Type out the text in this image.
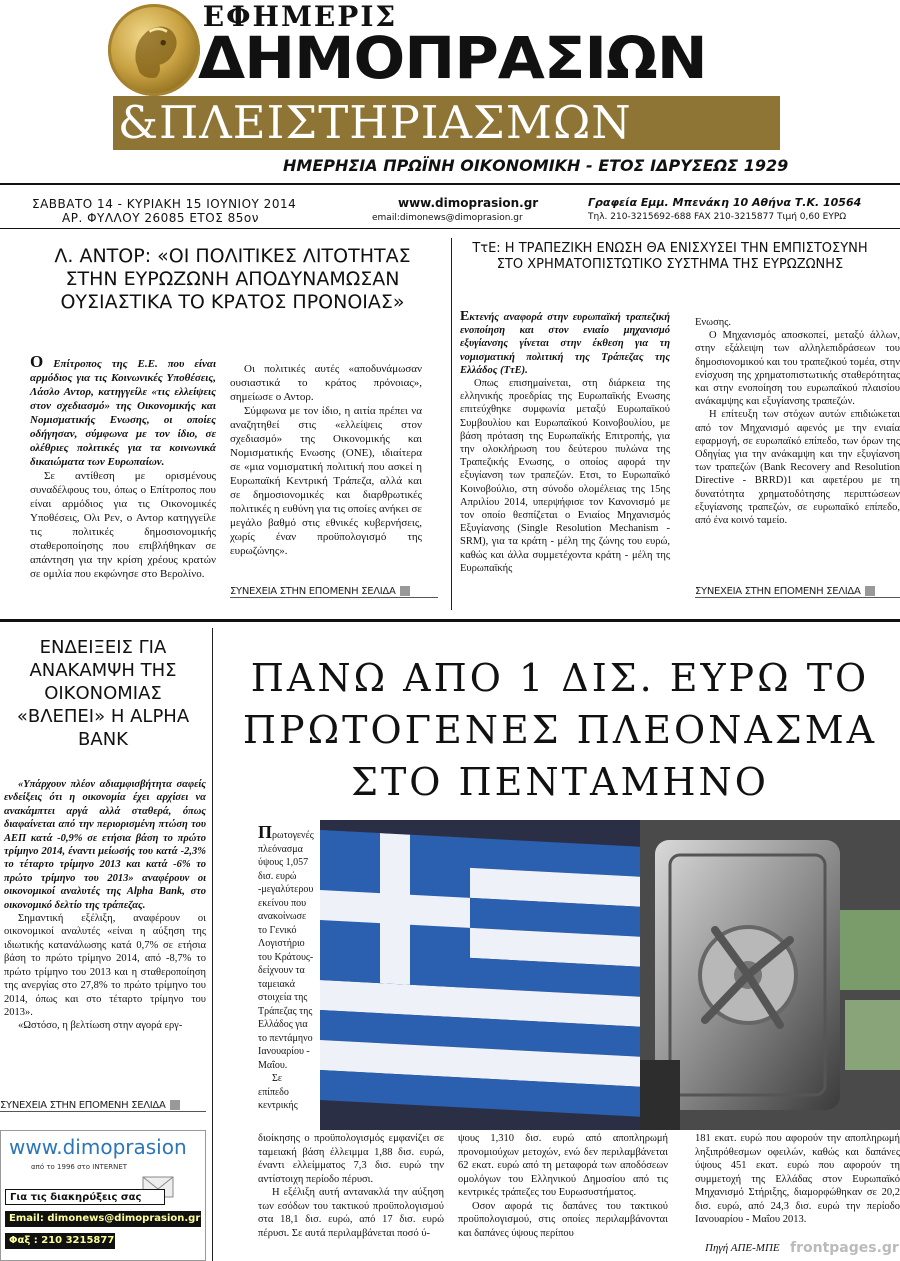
ΕΦΗΜΕΡΙΣ
ΔΗΜΟΠΡΑΣΙΩΝ
&ΠΛΕΙΣΤΗΡΙΑΣΜΩΝ
ΗΜΕΡΗΣΙΑ ΠΡΩΪΝΗ ΟΙΚΟΝΟΜΙΚΗ - ΕΤΟΣ ΙΔΡΥΣΕΩΣ 1929
ΣΑΒΒΑΤΟ 14 - ΚΥΡΙΑΚΗ 15 ΙΟΥΝΙΟΥ 2014
ΑΡ. ΦΥΛΛΟΥ 26085 ΕΤΟΣ 85ον
www.dimoprasion.gr
email:dimonews@dimoprasion.gr
Γραφεία Εμμ. Μπενάκη 10 Αθήνα Τ.Κ. 10564
Τηλ. 210-3215692-688 FAX 210-3215877 Τιμή 0,60 ΕΥΡΩ
Λ. ΑΝΤΟΡ: «ΟΙ ΠΟΛΙΤΙΚΕΣ ΛΙΤΟΤΗΤΑΣ ΣΤΗΝ ΕΥΡΩΖΩΝΗ ΑΠΟΔΥΝΑΜΩΣΑΝ ΟΥΣΙΑΣΤΙΚΑ ΤΟ ΚΡΑΤΟΣ ΠΡΟΝΟΙΑΣ»

Ο Επίτροπος της Ε.Ε. που είναι αρμόδιος για τις Κοινωνικές Υποθέσεις, Λάσλο Αντορ, κατηγγείλε «τις ελλείψεις στον σχεδιασμό» της Οικονομικής και Νομισματικής Ενωσης, οι οποίες οδήγησαν, σύμφωνα με τον ίδιο, σε ολέθριες πολιτικές για τα κοινωνικά δικαιώματα των Ευρωπαίων.

Σε αντίθεση με ορισμένους συναδέλφους του, όπως ο Επίτροπος που είναι αρμόδιος για τις Οικονομικές Υποθέσεις, Ολι Ρεν, ο Αντορ κατηγγείλε τις πολιτικές δημοσιονομικής σταθεροποίησης που επιβλήθηκαν σε απάντηση για την κρίση χρέους κρατών σε ομιλία που εκφώνησε στο Βερολίνο.

Οι πολιτικές αυτές «αποδυνάμωσαν ουσιαστικά το κράτος πρόνοιας», σημείωσε ο Αντορ.

Σύμφωνα με τον ίδιο, η αιτία πρέπει να αναζητηθεί στις «ελλείψεις στον σχεδιασμό» της Οικονομικής και Νομισματικής Ενωσης (ΟΝΕ), ιδιαίτερα σε «μια νομισματική πολιτική που ασκεί η Ευρωπαϊκή Κεντρική Τράπεζα, αλλά και σε δημοσιονομικές και διαρθρωτικές πολιτικές η ευθύνη για τις οποίες ανήκει σε μεγάλο βαθμό στις εθνικές κυβερνήσεις, χωρίς έναν προϋπολογισμό της ευρωζώνης».

ΣΥΝΕΧΕΙΑ ΣΤΗΝ ΕΠΟΜΕΝΗ ΣΕΛΙΔΑ
ΤτΕ: Η ΤΡΑΠΕΖΙΚΗ ΕΝΩΣΗ ΘΑ ΕΝΙΣΧΥΣΕΙ ΤΗΝ ΕΜΠΙΣΤΟΣΥΝΗ ΣΤΟ ΧΡΗΜΑΤΟΠΙΣΤΩΤΙΚΟ ΣΥΣΤΗΜΑ ΤΗΣ ΕΥΡΩΖΩΝΗΣ

Εκτενής αναφορά στην ευρωπαϊκή τραπεζική ενοποίηση και στον ενιαίο μηχανισμό εξυγίανσης γίνεται στην έκθεση για τη νομισματική πολιτική της Τράπεζας της Ελλάδος (ΤτΕ).

Οπως επισημαίνεται, στη διάρκεια της ελληνικής προεδρίας της Ευρωπαϊκής Ενωσης επιτεύχθηκε συμφωνία μεταξύ Ευρωπαϊκού Συμβουλίου και Ευρωπαϊκού Κοινοβουλίου, με βάση πρόταση της Ευρωπαϊκής Επιτροπής, για την ολοκλήρωση του δεύτερου πυλώνα της Τραπεζικής Ενωσης, ο οποίος αφορά την εξυγίανση των τραπεζών. Ετσι, το Ευρωπαϊκό Κοινοβούλιο, στη σύνοδο ολομέλειας της 15ης Απριλίου 2014, υπερψήφισε τον Κανονισμό με τον οποίο θεσπίζεται ο Ενιαίος Μηχανισμός Εξυγίανσης (Single Resolution Mechanism - SRM), για τα κράτη - μέλη της ζώνης του ευρώ, καθώς και άλλα συμμετέχοντα κράτη - μέλη της Ευρωπαϊκής

Ενωσης.

Ο Μηχανισμός αποσκοπεί, μεταξύ άλλων, στην εξάλειψη των αλληλεπιδράσεων του δημοσιονομικού και του τραπεζικού τομέα, στην ενίσχυση της χρηματοπιστωτικής σταθερότητας και στην ενοποίηση του ευρωπαϊκού πλαισίου ανάκαμψης και εξυγίανσης τραπεζών.

Η επίτευξη των στόχων αυτών επιδιώκεται από τον Μηχανισμό αφενός με την ενιαία εφαρμογή, σε ευρωπαϊκό επίπεδο, των όρων της Οδηγίας για την ανάκαμψη και την εξυγίανση των τραπεζών (Bank Recovery and Resolution Directive - BRRD)1 και αφετέρου με τη δυνατότητα χρηματοδότησης περιπτώσεων εξυγίανσης τραπεζών, σε ευρωπαϊκό επίπεδο, από ένα κοινό ταμείο.

ΣΥΝΕΧΕΙΑ ΣΤΗΝ ΕΠΟΜΕΝΗ ΣΕΛΙΔΑ
ΕΝΔΕΙΞΕΙΣ ΓΙΑ ΑΝΑΚΑΜΨΗ ΤΗΣ ΟΙΚΟΝΟΜΙΑΣ «ΒΛΕΠΕΙ» Η ALPHA BANK

«Υπάρχουν πλέον αδιαμφισβήτητα σαφείς ενδείξεις ότι η οικονομία έχει αρχίσει να ανακάμπτει αργά αλλά σταθερά, όπως διαφαίνεται από την περιορισμένη πτώση του ΑΕΠ κατά -0,9% σε ετήσια βάση το πρώτο τρίμηνο 2014, έναντι μείωσής του κατά -2,3% το τέταρτο τρίμηνο 2013 και κατά -6% το πρώτο τρίμηνο του 2013» αναφέρουν οι οικονομικοί αναλυτές της Alpha Bank, στο οικονομικό δελτίο της τράπεζας.

Σημαντική εξέλιξη, αναφέρουν οι οικονομικοί αναλυτές «είναι η αύξηση της ιδιωτικής κατανάλωσης κατά 0,7% σε ετήσια βάση το πρώτο τρίμηνο 2014, από -8,7% το πρώτο τρίμηνο του 2013 και η σταθεροποίηση της ανεργίας στο 27,8% το πρώτο τρίμηνο του 2014, όπως και στο τέταρτο τρίμηνο του 2013».

«Ωστόσο, η βελτίωση στην αγορά εργ-

ΣΥΝΕΧΕΙΑ ΣΤΗΝ ΕΠΟΜΕΝΗ ΣΕΛΙΔΑ
ΠΑΝΩ ΑΠΟ 1 ΔΙΣ. ΕΥΡΩ ΤΟ
ΠΡΩΤΟΓΕΝΕΣ ΠΛΕΟΝΑΣΜΑ
ΣΤΟ ΠΕΝΤΑΜΗΝΟ

Πρωτογενές πλεόνασμα ύψους 1,057 δισ. ευρώ -μεγαλύτερου εκείνου που ανακοίνωσε το Γενικό Λογιστήριο του Κράτους-δείχνουν τα ταμειακά στοιχεία της Τράπεζας της Ελλάδος για το πεντάμηνο Ιανουαρίου - Μαΐου.

Σε επίπεδο κεντρικής

διοίκησης ο προϋπολογισμός εμφανίζει σε ταμειακή βάση έλλειμμα 1,88 δισ. ευρώ, έναντι ελλείμματος 7,3 δισ. ευρώ την αντίστοιχη περίοδο πέρυσι.

Η εξέλιξη αυτή αντανακλά την αύξηση των εσόδων του τακτικού προϋπολογισμού στα 18,1 δισ. ευρώ, από 17 δισ. ευρώ πέρυσι. Σε αυτά περιλαμβάνεται ποσό ύ-

ψους 1,310 δισ. ευρώ από αποπληρωμή προνομιούχων μετοχών, ενώ δεν περιλαμβάνεται 62 εκατ. ευρώ από τη μεταφορά των αποδόσεων ομολόγων του Ελληνικού Δημοσίου από τις κεντρικές τράπεζες του Ευρωσυστήματος.

Οσον αφορά τις δαπάνες του τακτικού προϋπολογισμού, στις οποίες περιλαμβάνονται και δαπάνες ύψους περίπου

181 εκατ. ευρώ που αφορούν την αποπληρωμή ληξιπρόθεσμων οφειλών, καθώς και δαπάνες ύψους 451 εκατ. ευρώ που αφορούν τη συμμετοχή της Ελλάδας στον Ευρωπαϊκό Μηχανισμό Στήριξης, διαμορφώθηκαν σε 20,2 δισ. ευρώ, από 24,3 δισ. ευρώ την περίοδο Ιανουαρίου - Μαΐου 2013.

Πηγή ΑΠΕ-ΜΠΕ frontpages.gr
www.dimoprasion
από το 1996 στο INTERNET
Για τις διακηρύξεις σας
Email: dimonews@dimoprasion.gr
Φαξ : 210 3215877
